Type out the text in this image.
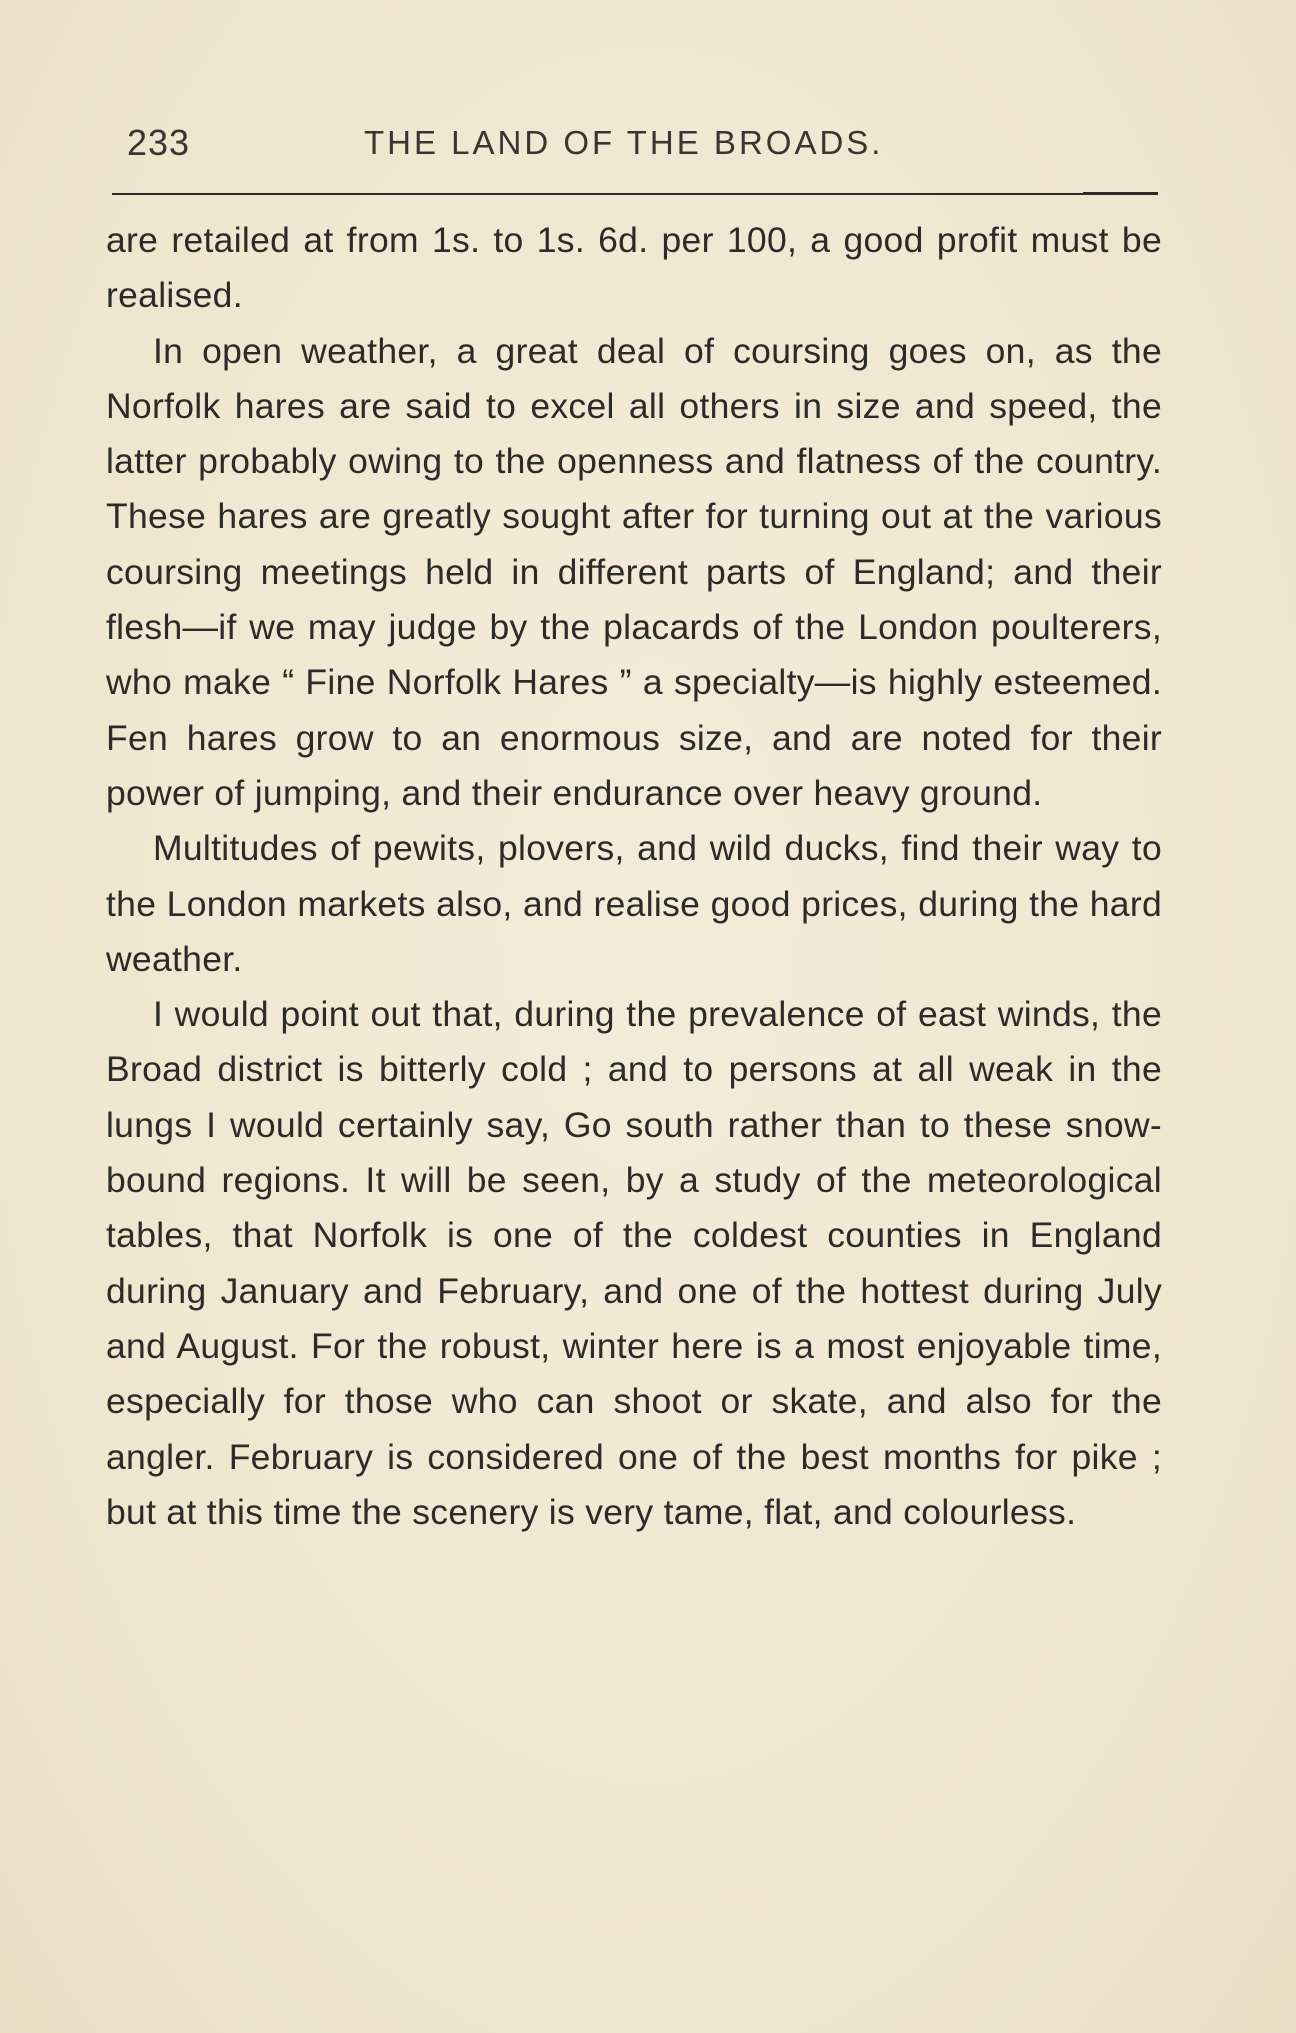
233	THE LAND OF THE BROADS.

are retailed at from 1s. to 1s. 6d. per 100, a good profit must be realised.

In open weather, a great deal of coursing goes on, as the Norfolk hares are said to excel all others in size and speed, the latter probably owing to the openness and flatness of the country. These hares are greatly sought after for turning out at the various coursing meetings held in different parts of England; and their flesh—if we may judge by the placards of the London poulterers, who make “ Fine Norfolk Hares ” a specialty—is highly esteemed. Fen hares grow to an enormous size, and are noted for their power of jumping, and their endurance over heavy ground.

Multitudes of pewits, plovers, and wild ducks, find their way to the London markets also, and realise good prices, during the hard weather.

I would point out that, during the prevalence of east winds, the Broad district is bitterly cold ; and to persons at all weak in the lungs I would certainly say, Go south rather than to these snow-bound regions. It will be seen, by a study of the meteorological tables, that Norfolk is one of the coldest counties in England during January and February, and one of the hottest during July and August. For the robust, winter here is a most enjoyable time, especially for those who can shoot or skate, and also for the angler. February is considered one of the best months for pike ; but at this time the scenery is very tame, flat, and colourless.
